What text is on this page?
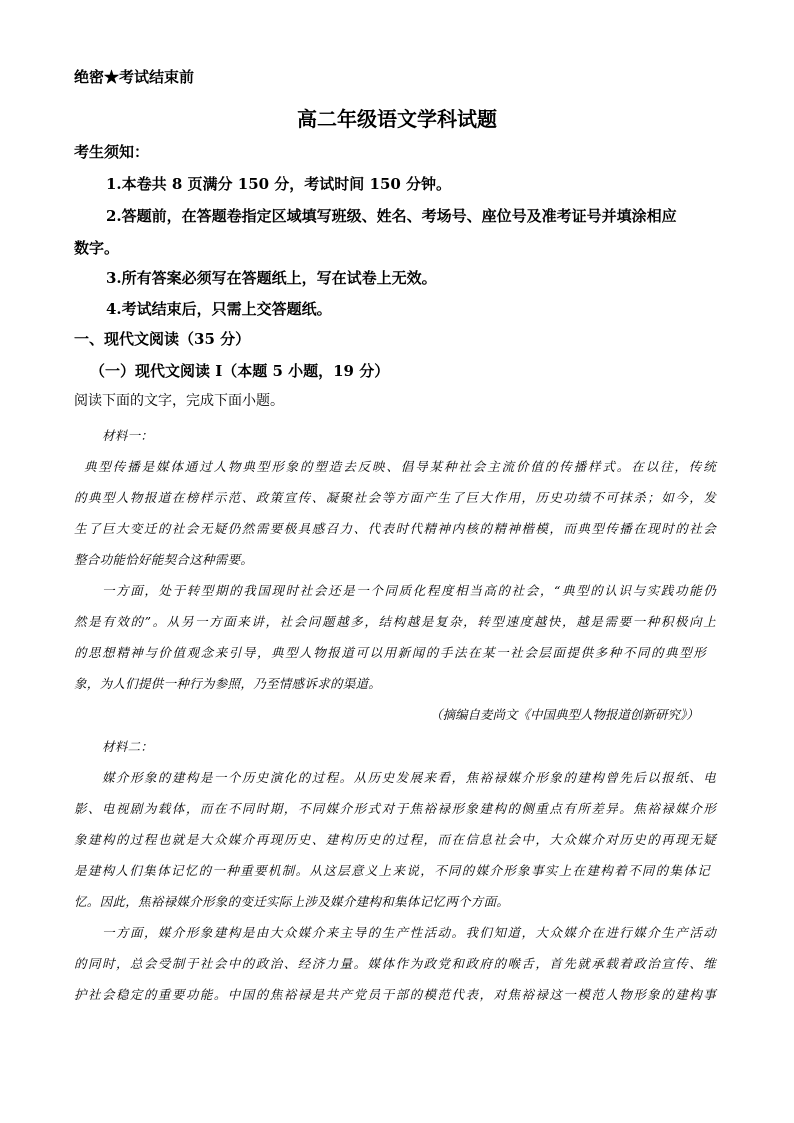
绝密★考试结束前
高二年级语文学科试题
考生须知：
1.本卷共 8 页满分 150 分，考试时间 150 分钟。
2.答题前，在答题卷指定区域填写班级、姓名、考场号、座位号及准考证号并填涂相应
数字。
3.所有答案必须写在答题纸上，写在试卷上无效。
4.考试结束后，只需上交答题纸。
一、现代文阅读（35 分）
（一）现代文阅读 I（本题 5 小题，19 分）
阅读下面的文字，完成下面小题。
材料一：
典型传播是媒体通过人物典型形象的塑造去反映、倡导某种社会主流价值的传播样式。在以往，传统
的典型人物报道在榜样示范、政策宣传、凝聚社会等方面产生了巨大作用，历史功绩不可抹杀；如今，发
生了巨大变迁的社会无疑仍然需要极具感召力、代表时代精神内核的精神楷模，而典型传播在现时的社会
整合功能恰好能契合这种需要。
一方面，处于转型期的我国现时社会还是一个同质化程度相当高的社会，“典型的认识与实践功能仍
然是有效的”。从另一方面来讲，社会问题越多，结构越是复杂，转型速度越快，越是需要一种积极向上
的思想精神与价值观念来引导，典型人物报道可以用新闻的手法在某一社会层面提供多种不同的典型形
象，为人们提供一种行为参照，乃至情感诉求的渠道。
（摘编自麦尚文《中国典型人物报道创新研究》）
材料二：
媒介形象的建构是一个历史演化的过程。从历史发展来看，焦裕禄媒介形象的建构曾先后以报纸、电
影、电视剧为载体，而在不同时期，不同媒介形式对于焦裕禄形象建构的侧重点有所差异。焦裕禄媒介形
象建构的过程也就是大众媒介再现历史、建构历史的过程，而在信息社会中，大众媒介对历史的再现无疑
是建构人们集体记忆的一种重要机制。从这层意义上来说，不同的媒介形象事实上在建构着不同的集体记
忆。因此，焦裕禄媒介形象的变迁实际上涉及媒介建构和集体记忆两个方面。
一方面，媒介形象建构是由大众媒介来主导的生产性活动。我们知道，大众媒介在进行媒介生产活动
的同时，总会受制于社会中的政治、经济力量。媒体作为政党和政府的喉舌，首先就承载着政治宣传、维
护社会稳定的重要功能。中国的焦裕禄是共产党员干部的模范代表，对焦裕禄这一模范人物形象的建构事
